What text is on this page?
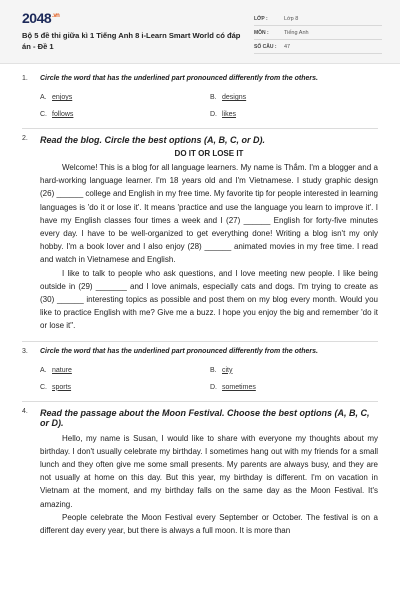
$2048^{.vn}$
Bộ 5 đề thi giữa kì 1 Tiếng Anh 8 i-Learn Smart World có đáp án - Đề 1
LỚP :	Lớp 8
MÔN :	Tiếng Anh
SỐ CÂU :	47
1. Circle the word that has the underlined part pronounced differently from the others.
A. enjoys	B. designs
C. follows	D. likes
2. Read the blog. Circle the best options (A, B, C, or D).
DO IT OR LOSE IT

Welcome! This is a blog for all language learners. My name is Thắm. I'm a blogger and a hard-working language learner. I'm 18 years old and I'm Vietnamese. I study graphic design (26) ______ college and English in my free time. My favorite tip for people interested in learning languages is 'do it or lose it'. It means 'practice and use the language you learn to improve it'. I have my English classes four times a week and I (27) ______ English for forty-five minutes every day. I have to be well-organized to get everything done! Writing a blog isn't my only hobby. I'm a book lover and I also enjoy (28) ______ animated movies in my free time. I read and watch in Vietnamese and English.

I like to talk to people who ask questions, and I love meeting new people. I like being outside in (29) _______ and I love animals, especially cats and dogs. I'm trying to create as (30) ______ interesting topics as possible and post them on my blog every month. Would you like to practice English with me? Give me a buzz. I hope you enjoy the big and remember 'do it or lose it".

3. Circle the word that has the underlined part pronounced differently from the others.
A. nature	B. city
C. sports	D. sometimes
4. Read the passage about the Moon Festival. Choose the best options (A, B, C, or D).

Hello, my name is Susan, I would like to share with everyone my thoughts about my birthday. I don't usually celebrate my birthday. I sometimes hang out with my friends for a small lunch and they often give me some small presents. My parents are always busy, and they are not usually at home on this day. But this year, my birthday is different. I'm on vacation in Vietnam at the moment, and my birthday falls on the same day as the Moon Festival. It's amazing.

People celebrate the Moon Festival every September or October. The festival is on a different day every year, but there is always a full moon. It is more than
